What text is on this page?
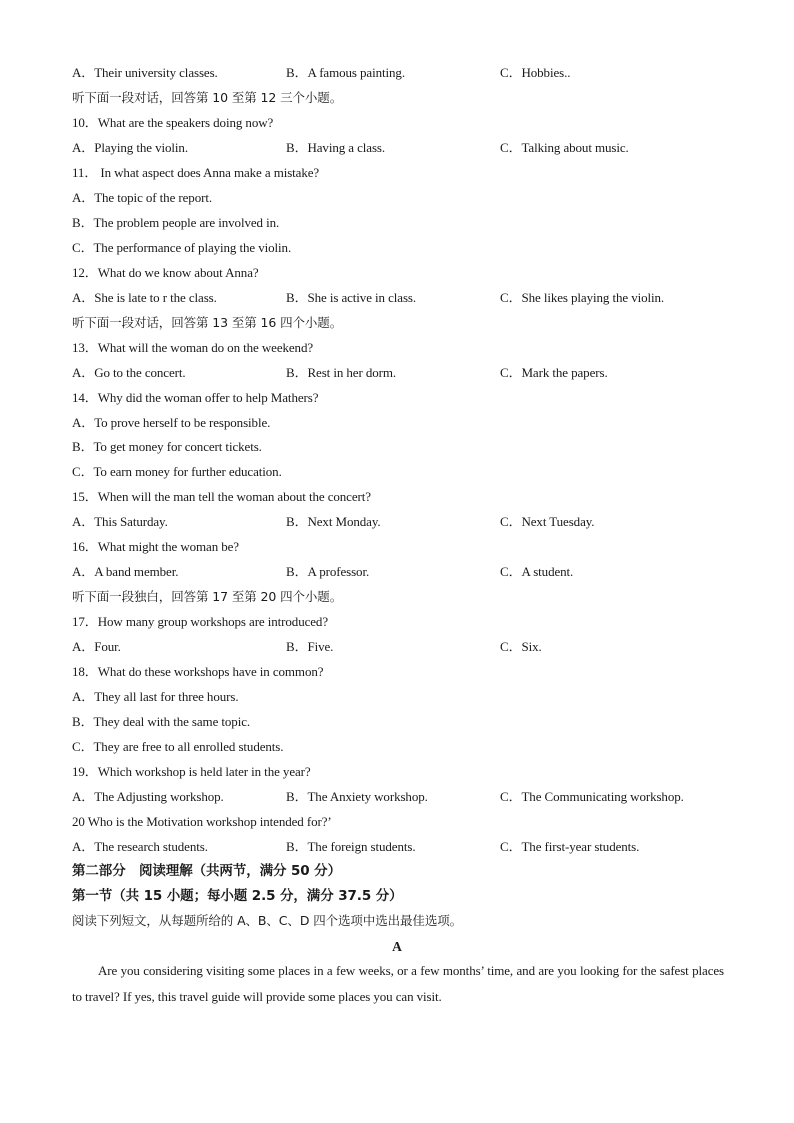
A．Their university classes.	B．A famous painting.	C．Hobbies..
听下面一段对话，回答第 10 至第 12 三个小题。
10．What are the speakers doing now?
A．Playing the violin.	B．Having a class.	C．Talking about music.
11． In what aspect does Anna make a mistake?
A．The topic of the report.
B．The problem people are involved in.
C．The performance of playing the violin.
12．What do we know about Anna?
A．She is late to r the class.	B．She is active in class.	C．She likes playing the violin.
听下面一段对话，回答第 13 至第 16 四个小题。
13．What will the woman do on the weekend?
A．Go to the concert.	B．Rest in her dorm.	C．Mark the papers.
14．Why did the woman offer to help Mathers?
A．To prove herself to be responsible.
B．To get money for concert tickets.
C．To earn money for further education.
15．When will the man tell the woman about the concert?
A．This Saturday.	B．Next Monday.	C．Next Tuesday.
16．What might the woman be?
A．A band member.	B．A professor.	C．A student.
听下面一段独白，回答第 17 至第 20 四个小题。
17．How many group workshops are introduced?
A．Four.	B．Five.	C．Six.
18．What do these workshops have in common?
A．They all last for three hours.
B．They deal with the same topic.
C．They are free to all enrolled students.
19．Which workshop is held later in the year?
A．The Adjusting workshop.	B．The Anxiety workshop.	C．The Communicating workshop.
20 Who is the Motivation workshop intended for?’
A．The research students.	B．The foreign students.	C．The first-year students.
第二部分　阅读理解（共两节，满分 50 分）
第一节（共 15 小题；每小题 2.5 分，满分 37.5 分）
阅读下列短文，从每题所给的 A、B、C、D 四个选项中选出最佳选项。
A
Are you considering visiting some places in a few weeks, or a few months’ time, and are you looking for the safest places to travel? If yes, this travel guide will provide some places you can visit.
